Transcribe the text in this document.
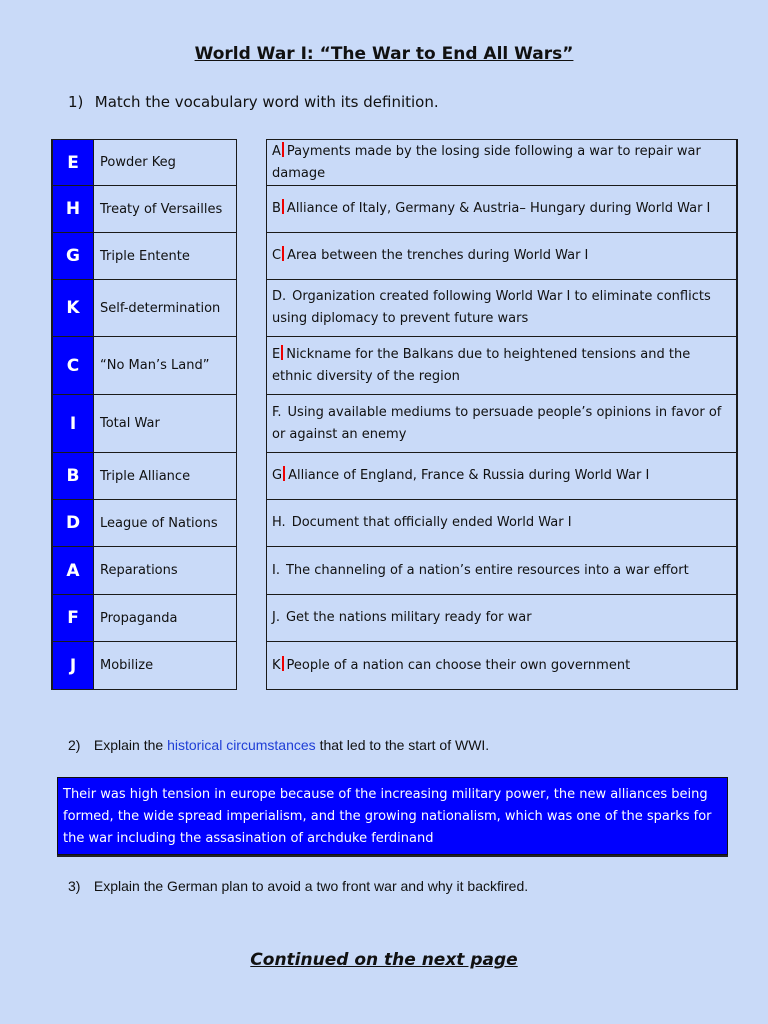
World War I: “The War to End All Wars”
1) Match the vocabulary word with its definition.
E	Powder Keg		A Payments made by the losing side following a war to repair war damage
H	Treaty of Versailles		B Alliance of Italy, Germany & Austria– Hungary during World War I
G	Triple Entente		C Area between the trenches during World War I
K	Self-determination		D. Organization created following World War I to eliminate conflicts using diplomacy to prevent future wars
C	“No Man’s Land”		E Nickname for the Balkans due to heightened tensions and the ethnic diversity of the region
I	Total War		F. Using available mediums to persuade people’s opinions in favor of or against an enemy
B	Triple Alliance		G Alliance of England, France & Russia during World War I
D	League of Nations		H. Document that officially ended World War I
A	Reparations		I. The channeling of a nation’s entire resources into a war effort
F	Propaganda		J. Get the nations military ready for war
J	Mobilize		K People of a nation can choose their own government
2) Explain the historical circumstances that led to the start of WWI.
Their was high tension in europe because of the increasing military power, the new alliances being formed, the wide spread imperialism, and the growing nationalism, which was one of the sparks for the war including the assasination of archduke ferdinand
3) Explain the German plan to avoid a two front war and why it backfired.
Continued on the next page
